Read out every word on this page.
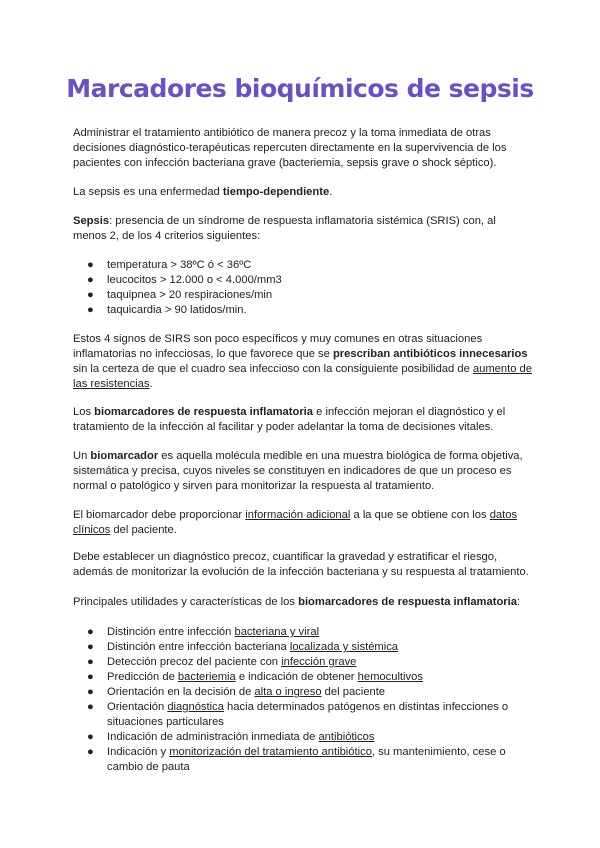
Marcadores bioquímicos de sepsis

Administrar el tratamiento antibiótico de manera precoz y la toma inmediata de otras
decisiones diagnóstico-terapéuticas repercuten directamente en la supervivencia de los
pacientes con infección bacteriana grave (bacteriemia, sepsis grave o shock séptico).

La sepsis es una enfermedad tiempo-dependiente.

Sepsis: presencia de un síndrome de respuesta inflamatoria sistémica (SRIS) con, al
menos 2, de los 4 criterios siguientes:

● temperatura > 38ºC ó < 36ºC
● leucocitos > 12.000 o < 4.000/mm3
● taquipnea > 20 respiraciones/min
● taquicardia > 90 latidos/min.

Estos 4 signos de SIRS son poco específicos y muy comunes en otras situaciones
inflamatorias no infecciosas, lo que favorece que se prescriban antibióticos innecesarios
sin la certeza de que el cuadro sea infeccioso con la consiguiente posibilidad de aumento de
las resistencias.

Los biomarcadores de respuesta inflamatoria e infección mejoran el diagnóstico y el
tratamiento de la infección al facilitar y poder adelantar la toma de decisiones vitales.

Un biomarcador es aquella molécula medible en una muestra biológica de forma objetiva,
sistemática y precisa, cuyos niveles se constituyen en indicadores de que un proceso es
normal o patológico y sirven para monitorizar la respuesta al tratamiento.

El biomarcador debe proporcionar información adicional a la que se obtiene con los datos
clínicos del paciente.

Debe establecer un diagnóstico precoz, cuantificar la gravedad y estratificar el riesgo,
además de monitorizar la evolución de la infección bacteriana y su respuesta al tratamiento.

Principales utilidades y características de los biomarcadores de respuesta inflamatoria:

● Distinción entre infección bacteriana y viral
● Distinción entre infección bacteriana localizada y sistémica
● Detección precoz del paciente con infección grave
● Predicción de bacteriemia e indicación de obtener hemocultivos
● Orientación en la decisión de alta o ingreso del paciente
● Orientación diagnóstica hacia determinados patógenos en distintas infecciones o
situaciones particulares
● Indicación de administración inmediata de antibióticos
● Indicación y monitorización del tratamiento antibiótico, su mantenimiento, cese o
cambio de pauta
